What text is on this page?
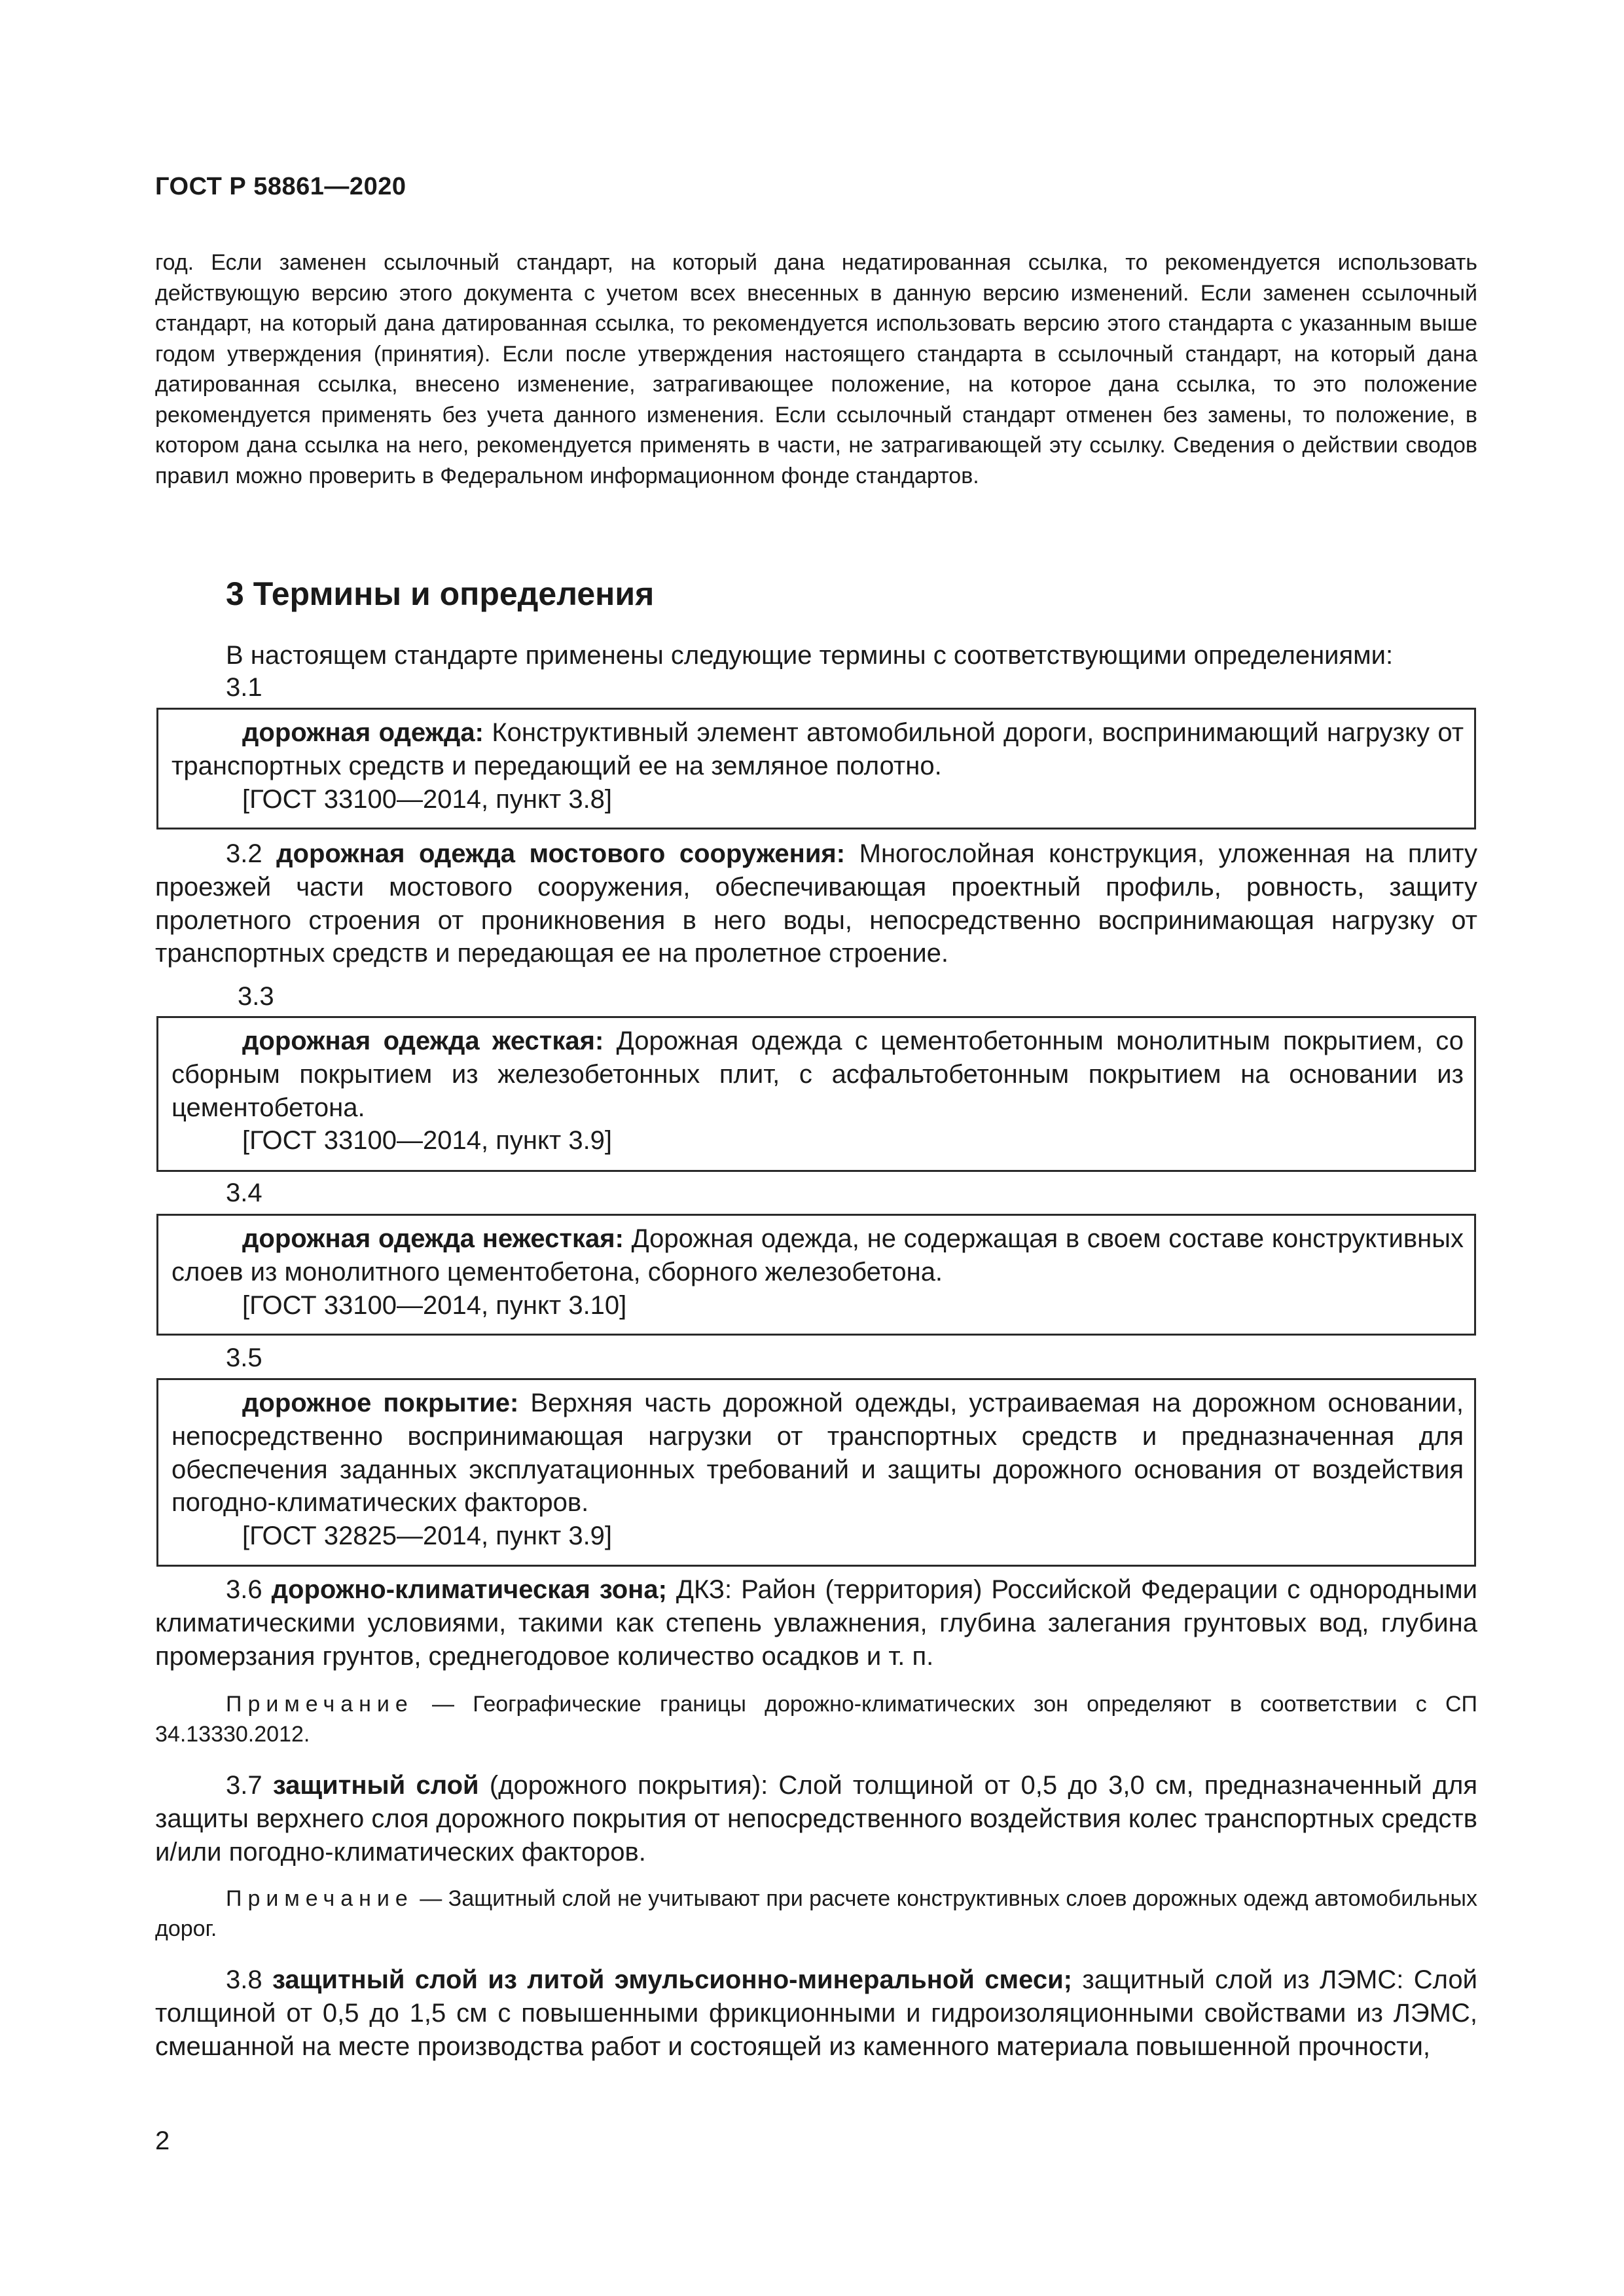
ГОСТ Р 58861—2020

год. Если заменен ссылочный стандарт, на который дана недатированная ссылка, то рекомендуется использовать действующую версию этого документа с учетом всех внесенных в данную версию изменений. Если заменен ссылочный стандарт, на который дана датированная ссылка, то рекомендуется использовать версию этого стандарта с указанным выше годом утверждения (принятия). Если после утверждения настоящего стандарта в ссылочный стандарт, на который дана датированная ссылка, внесено изменение, затрагивающее положение, на которое дана ссылка, то это положение рекомендуется применять без учета данного изменения. Если ссылочный стандарт отменен без замены, то положение, в котором дана ссылка на него, рекомендуется применять в части, не затрагивающей эту ссылку. Сведения о действии сводов правил можно проверить в Федеральном информационном фонде стандартов.

3 Термины и определения

В настоящем стандарте применены следующие термины с соответствующими определениями:

3.1

дорожная одежда: Конструктивный элемент автомобильной дороги, воспринимающий нагрузку от транспортных средств и передающий ее на земляное полотно.

[ГОСТ 33100—2014, пункт 3.8]

3.2 дорожная одежда мостового сооружения: Многослойная конструкция, уложенная на плиту проезжей части мостового сооружения, обеспечивающая проектный профиль, ровность, защиту пролетного строения от проникновения в него воды, непосредственно воспринимающая нагрузку от транспортных средств и передающая ее на пролетное строение.

3.3

дорожная одежда жесткая: Дорожная одежда с цементобетонным монолитным покрытием, со сборным покрытием из железобетонных плит, с асфальтобетонным покрытием на основании из цементобетона.

[ГОСТ 33100—2014, пункт 3.9]

3.4

дорожная одежда нежесткая: Дорожная одежда, не содержащая в своем составе конструктивных слоев из монолитного цементобетона, сборного железобетона.

[ГОСТ 33100—2014, пункт 3.10]

3.5

дорожное покрытие: Верхняя часть дорожной одежды, устраиваемая на дорожном основании, непосредственно воспринимающая нагрузки от транспортных средств и предназначенная для обеспечения заданных эксплуатационных требований и защиты дорожного основания от воздействия погодно-климатических факторов.

[ГОСТ 32825—2014, пункт 3.9]

3.6 дорожно-климатическая зона; ДКЗ: Район (территория) Российской Федерации с однородными климатическими условиями, такими как степень увлажнения, глубина залегания грунтовых вод, глубина промерзания грунтов, среднегодовое количество осадков и т. п.

Примечание — Географические границы дорожно-климатических зон определяют в соответствии с СП 34.13330.2012.

3.7 защитный слой (дорожного покрытия): Слой толщиной от 0,5 до 3,0 см, предназначенный для защиты верхнего слоя дорожного покрытия от непосредственного воздействия колес транспортных средств и/или погодно-климатических факторов.

Примечание — Защитный слой не учитывают при расчете конструктивных слоев дорожных одежд автомобильных дорог.

3.8 защитный слой из литой эмульсионно-минеральной смеси; защитный слой из ЛЭМС: Слой толщиной от 0,5 до 1,5 см с повышенными фрикционными и гидроизоляционными свойствами из ЛЭМС, смешанной на месте производства работ и состоящей из каменного материала повышенной прочности,

2
